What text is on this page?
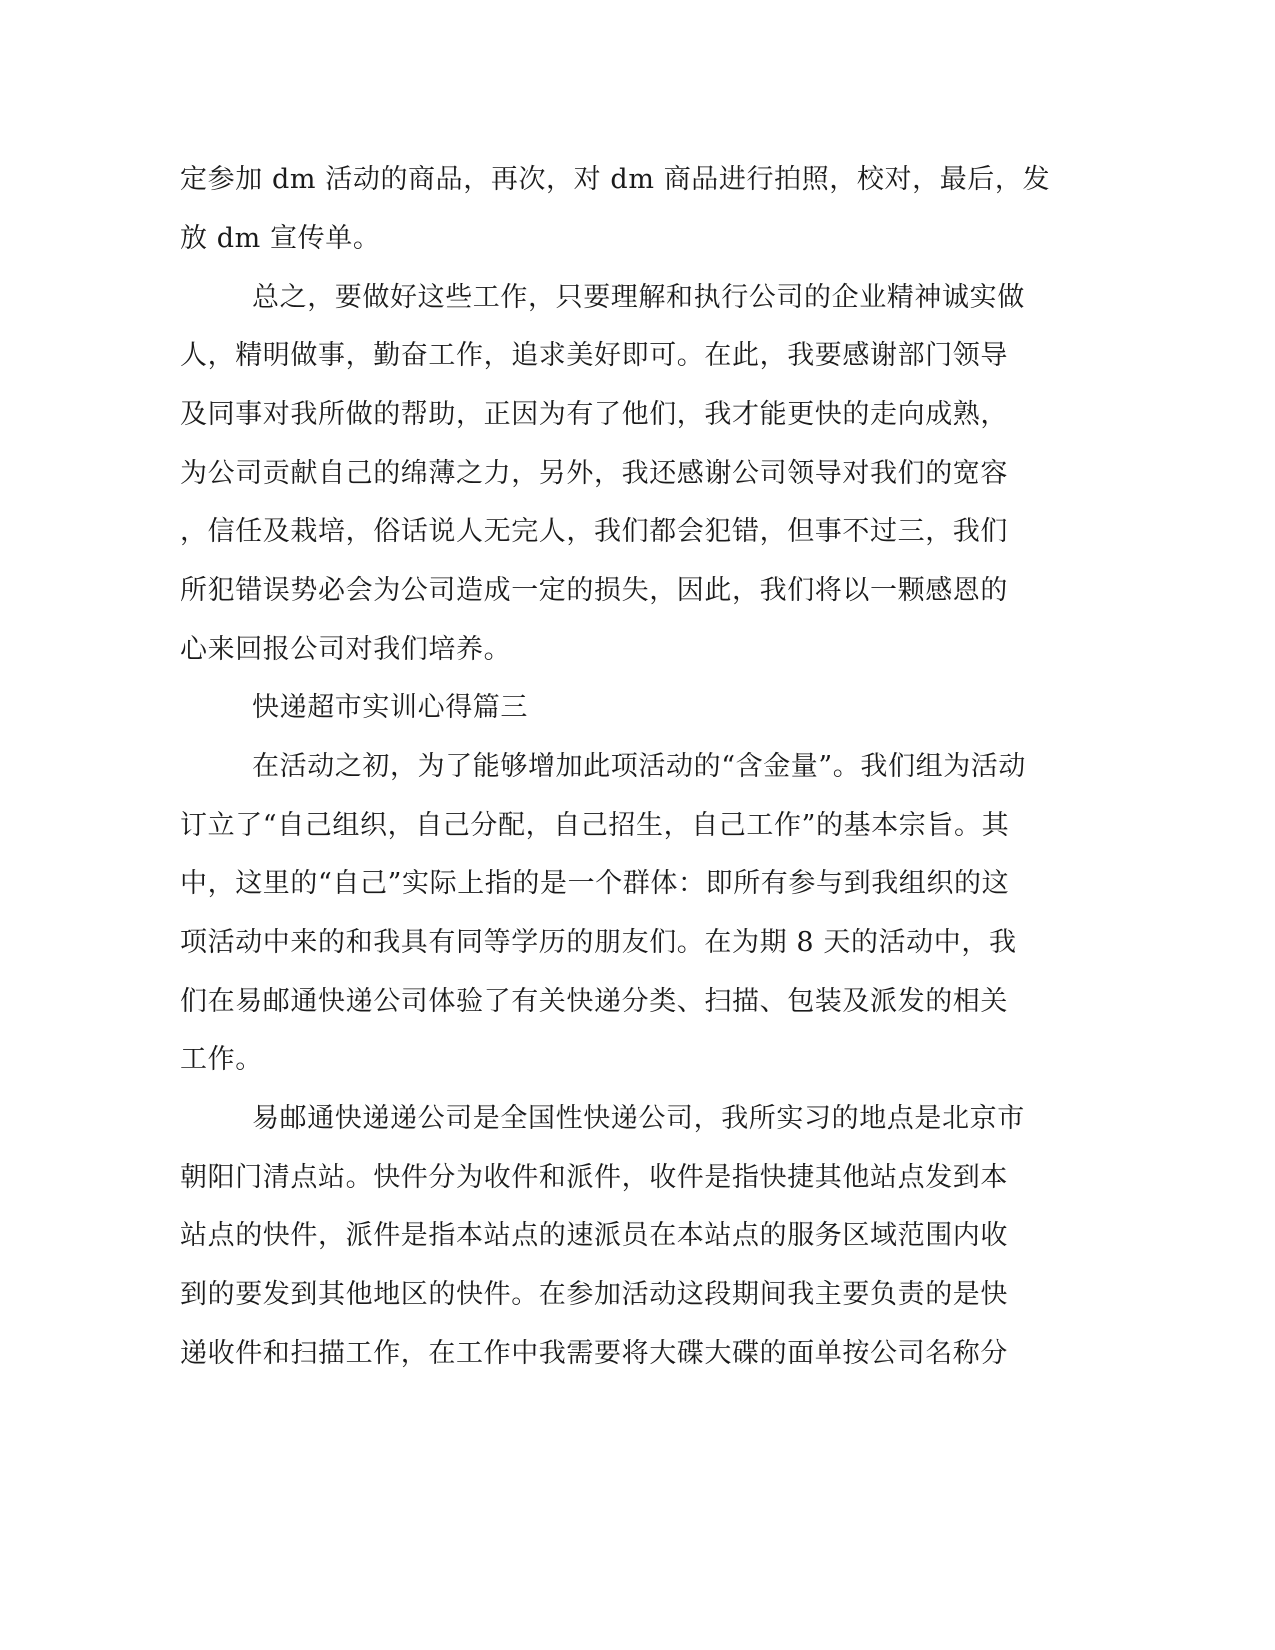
定参加 dm 活动的商品，再次，对 dm 商品进行拍照，校对，最后，发
放 dm 宣传单。
总之，要做好这些工作，只要理解和执行公司的企业精神诚实做
人，精明做事，勤奋工作，追求美好即可。在此，我要感谢部门领导
及同事对我所做的帮助，正因为有了他们，我才能更快的走向成熟，
为公司贡献自己的绵薄之力，另外，我还感谢公司领导对我们的宽容
，信任及栽培，俗话说人无完人，我们都会犯错，但事不过三，我们
所犯错误势必会为公司造成一定的损失，因此，我们将以一颗感恩的
心来回报公司对我们培养。
快递超市实训心得篇三
在活动之初，为了能够增加此项活动的“含金量”。我们组为活动
订立了“自己组织，自己分配，自己招生，自己工作”的基本宗旨。其
中，这里的“自己”实际上指的是一个群体：即所有参与到我组织的这
项活动中来的和我具有同等学历的朋友们。在为期 8 天的活动中，我
们在易邮通快递公司体验了有关快递分类、扫描、包装及派发的相关
工作。
易邮通快递递公司是全国性快递公司，我所实习的地点是北京市
朝阳门清点站。快件分为收件和派件，收件是指快捷其他站点发到本
站点的快件，派件是指本站点的速派员在本站点的服务区域范围内收
到的要发到其他地区的快件。在参加活动这段期间我主要负责的是快
递收件和扫描工作，在工作中我需要将大碟大碟的面单按公司名称分
